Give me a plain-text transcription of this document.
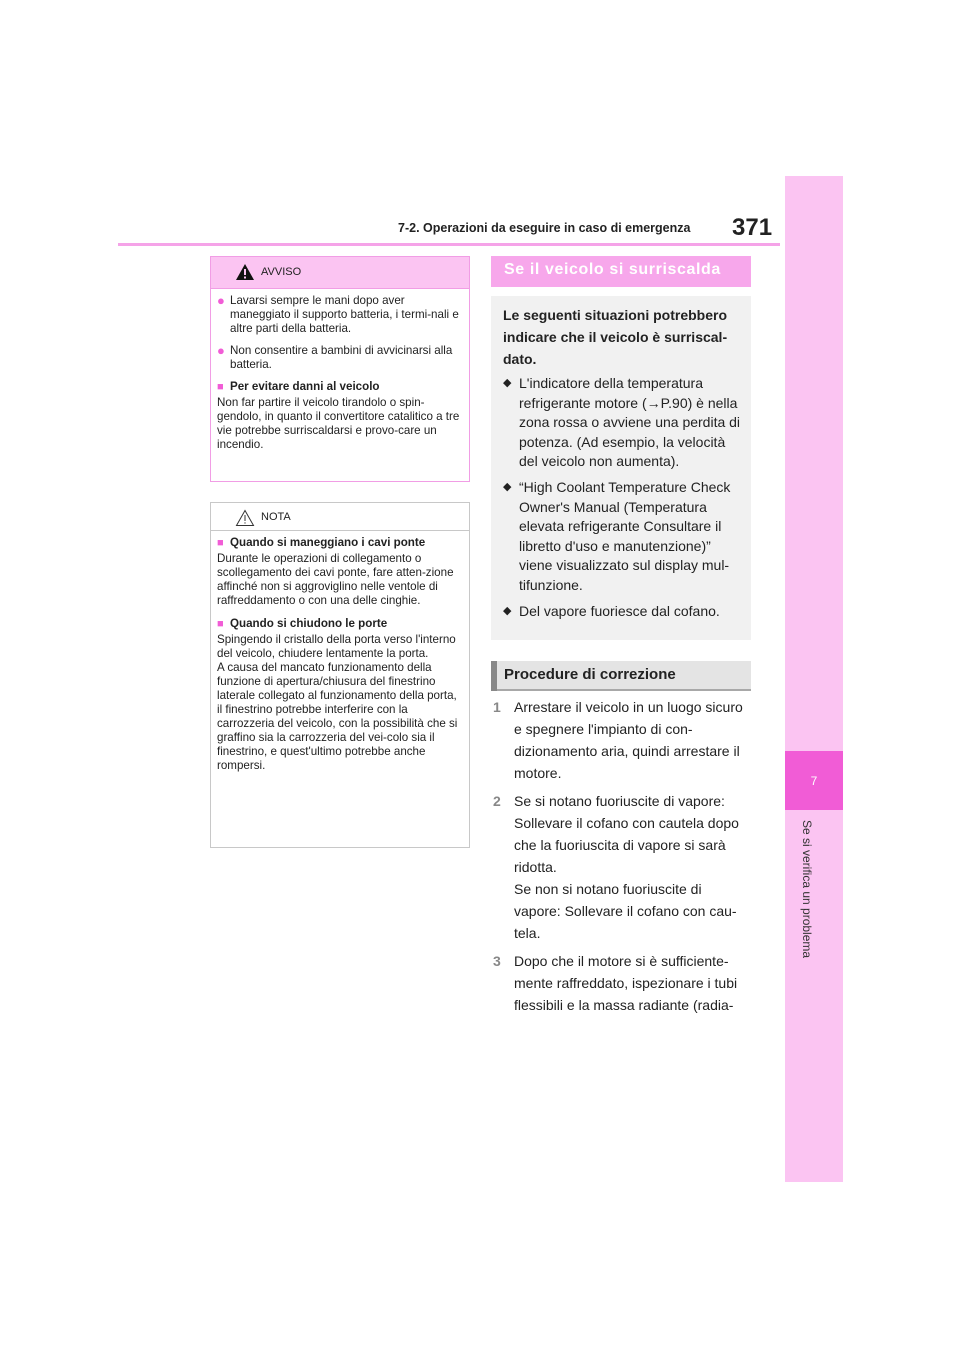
7-2. Operazioni da eseguire in caso di emergenza 371
7
Se si verifica un problema
AVVISO
● Lavarsi sempre le mani dopo aver maneggiato il supporto batteria, i termi-nali e altre parti della batteria.
● Non consentire a bambini di avvicinarsi alla batteria.
■ Per evitare danni al veicolo
Non far partire il veicolo tirandolo o spin-gendolo, in quanto il convertitore catalitico a tre vie potrebbe surriscaldarsi e provo-care un incendio.
NOTA
■ Quando si maneggiano i cavi ponte
Durante le operazioni di collegamento o scollegamento dei cavi ponte, fare atten-zione affinché non si aggroviglino nelle ventole di raffreddamento o con una delle cinghie.
■ Quando si chiudono le porte
Spingendo il cristallo della porta verso l'interno del veicolo, chiudere lentamente la porta.
A causa del mancato funzionamento della funzione di apertura/chiusura del finestrino laterale collegato al funzionamento della porta, il finestrino potrebbe interferire con la carrozzeria del veicolo, con la possibilità che si graffino sia la carrozzeria del vei-colo sia il finestrino, e quest'ultimo potrebbe anche rompersi.
Se il veicolo si surriscalda
Le seguenti situazioni potrebbero indicare che il veicolo è surriscal-dato.
◆ L'indicatore della temperatura refrigerante motore (→P.90) è nella zona rossa o avviene una perdita di potenza. (Ad esempio, la velocità del veicolo non aumenta).
◆ “High Coolant Temperature Check Owner's Manual (Temperatura elevata refrigerante Consultare il libretto d'uso e manutenzione)” viene visualizzato sul display mul-tifunzione.
◆ Del vapore fuoriesce dal cofano.
Procedure di correzione
1 Arrestare il veicolo in un luogo sicuro e spegnere l'impianto di con-dizionamento aria, quindi arrestare il motore.
2 Se si notano fuoriuscite di vapore: Sollevare il cofano con cautela dopo che la fuoriuscita di vapore si sarà ridotta.
Se non si notano fuoriuscite di vapore: Sollevare il cofano con cau-tela.
3 Dopo che il motore si è sufficiente-mente raffreddato, ispezionare i tubi flessibili e la massa radiante (radia-
